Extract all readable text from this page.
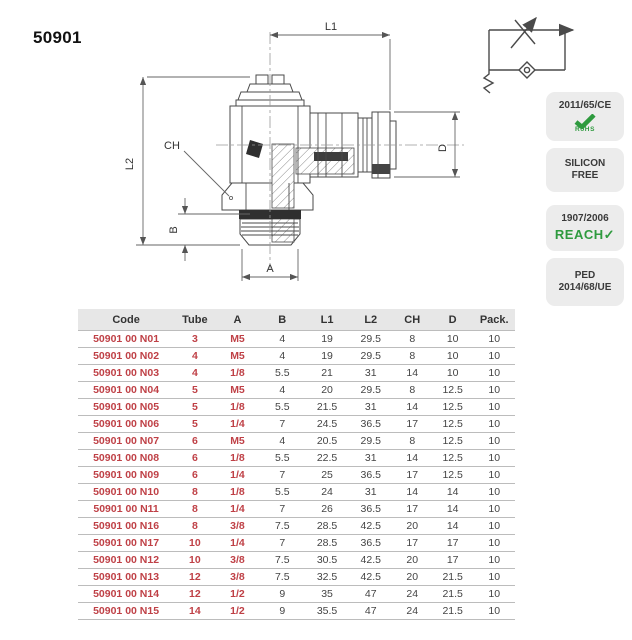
50901
L1
L2
CH
B
A
D
2011/65/CE
RoHS
SILICON
FREE
1907/2006
REACH✓
PED
2014/68/UE
Code	Tube	A	B	L1	L2	CH	D	Pack.
50901 00 N01	3	M5	4	19	29.5	8	10	10
50901 00 N02	4	M5	4	19	29.5	8	10	10
50901 00 N03	4	1/8	5.5	21	31	14	10	10
50901 00 N04	5	M5	4	20	29.5	8	12.5	10
50901 00 N05	5	1/8	5.5	21.5	31	14	12.5	10
50901 00 N06	5	1/4	7	24.5	36.5	17	12.5	10
50901 00 N07	6	M5	4	20.5	29.5	8	12.5	10
50901 00 N08	6	1/8	5.5	22.5	31	14	12.5	10
50901 00 N09	6	1/4	7	25	36.5	17	12.5	10
50901 00 N10	8	1/8	5.5	24	31	14	14	10
50901 00 N11	8	1/4	7	26	36.5	17	14	10
50901 00 N16	8	3/8	7.5	28.5	42.5	20	14	10
50901 00 N17	10	1/4	7	28.5	36.5	17	17	10
50901 00 N12	10	3/8	7.5	30.5	42.5	20	17	10
50901 00 N13	12	3/8	7.5	32.5	42.5	20	21.5	10
50901 00 N14	12	1/2	9	35	47	24	21.5	10
50901 00 N15	14	1/2	9	35.5	47	24	21.5	10
